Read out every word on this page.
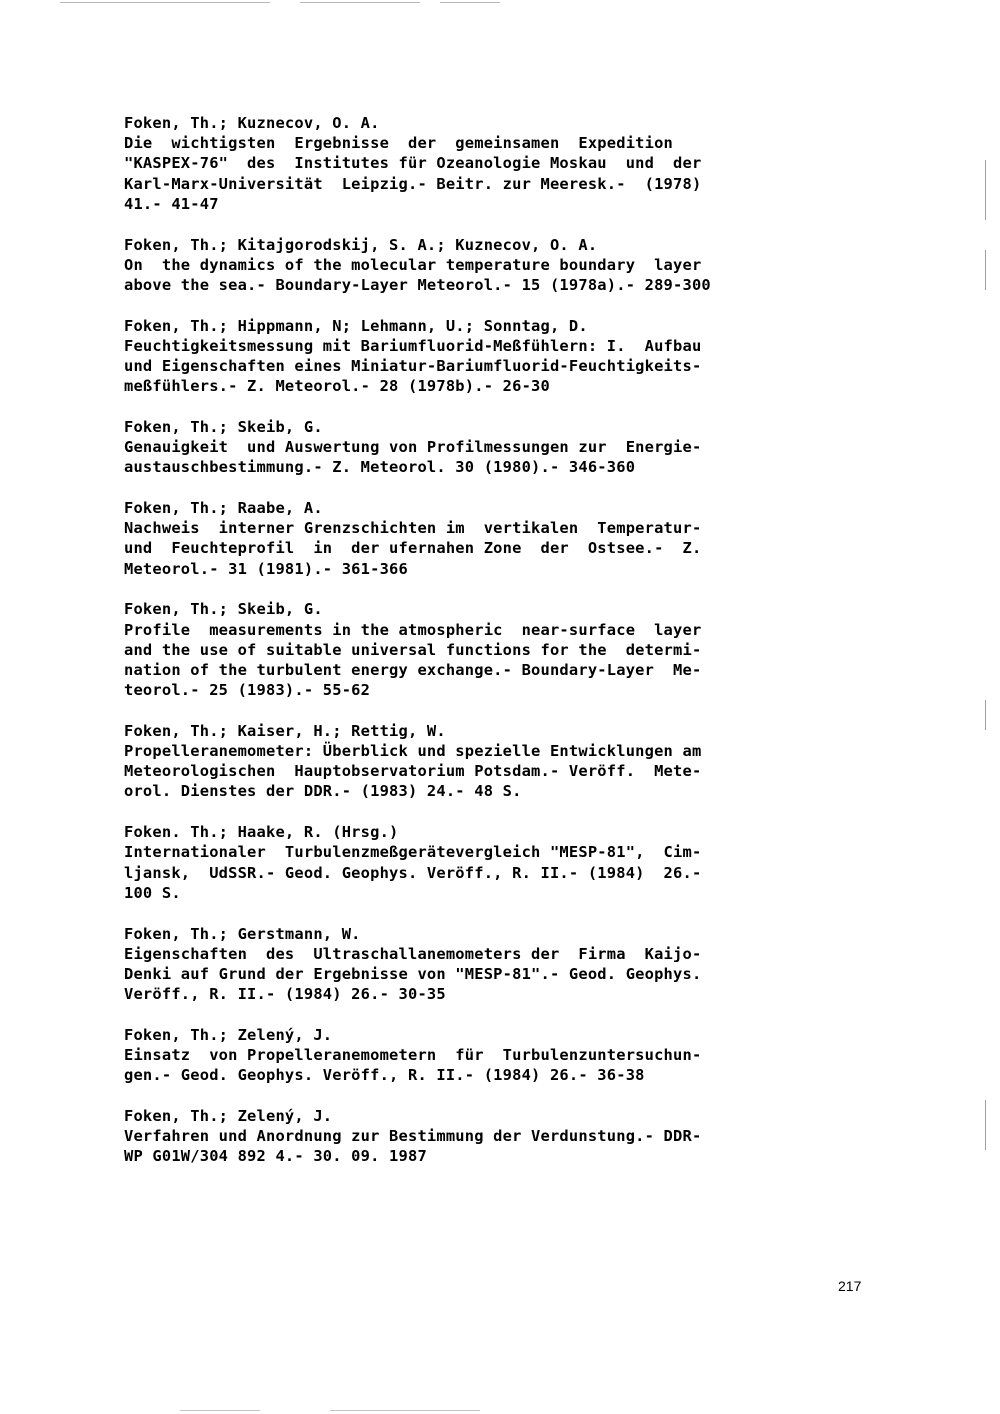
Foken, Th.; Kuznecov, O. A.
Die  wichtigsten  Ergebnisse  der  gemeinsamen  Expedition
"KASPEX-76"  des  Institutes für Ozeanologie Moskau  und  der
Karl-Marx-Universität  Leipzig.- Beitr. zur Meeresk.-  (1978)
41.- 41-47
Foken, Th.; Kitajgorodskij, S. A.; Kuznecov, O. A.
On  the dynamics of the molecular temperature boundary  layer
above the sea.- Boundary-Layer Meteorol.- 15 (1978a).- 289-300
Foken, Th.; Hippmann, N; Lehmann, U.; Sonntag, D.
Feuchtigkeitsmessung mit Bariumfluorid-Meßfühlern: I.  Aufbau
und Eigenschaften eines Miniatur-Bariumfluorid-Feuchtigkeits-
meßfühlers.- Z. Meteorol.- 28 (1978b).- 26-30
Foken, Th.; Skeib, G.
Genauigkeit  und Auswertung von Profilmessungen zur  Energie-
austauschbestimmung.- Z. Meteorol. 30 (1980).- 346-360
Foken, Th.; Raabe, A.
Nachweis  interner Grenzschichten im  vertikalen  Temperatur-
und  Feuchteprofil  in  der ufernahen Zone  der  Ostsee.-  Z.
Meteorol.- 31 (1981).- 361-366
Foken, Th.; Skeib, G.
Profile  measurements in the atmospheric  near-surface  layer
and the use of suitable universal functions for the  determi-
nation of the turbulent energy exchange.- Boundary-Layer  Me-
teorol.- 25 (1983).- 55-62
Foken, Th.; Kaiser, H.; Rettig, W.
Propelleranemometer: Überblick und spezielle Entwicklungen am
Meteorologischen  Hauptobservatorium Potsdam.- Veröff.  Mete-
orol. Dienstes der DDR.- (1983) 24.- 48 S.
Foken. Th.; Haake, R. (Hrsg.)
Internationaler  Turbulenzmeßgerätevergleich "MESP-81",  Cim-
ljansk,  UdSSR.- Geod. Geophys. Veröff., R. II.- (1984)  26.-
100 S.
Foken, Th.; Gerstmann, W.
Eigenschaften  des  Ultraschallanemometers der  Firma  Kaijo-
Denki auf Grund der Ergebnisse von "MESP-81".- Geod. Geophys.
Veröff., R. II.- (1984) 26.- 30-35
Foken, Th.; Zelený, J.
Einsatz  von Propelleranemometern  für  Turbulenzuntersuchun-
gen.- Geod. Geophys. Veröff., R. II.- (1984) 26.- 36-38
Foken, Th.; Zelený, J.
Verfahren und Anordnung zur Bestimmung der Verdunstung.- DDR-
WP G01W/304 892 4.- 30. 09. 1987
217
